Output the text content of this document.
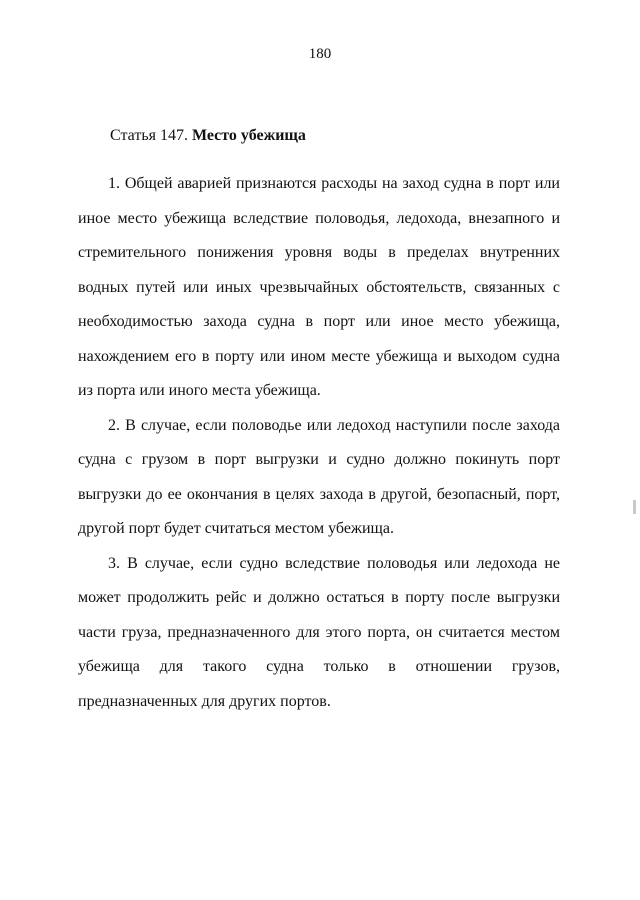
180
Статья 147. Место убежища

1. Общей аварией признаются расходы на заход судна в порт или иное место убежища вследствие половодья, ледохода, внезапного и стремительного понижения уровня воды в пределах внутренних водных путей или иных чрезвычайных обстоятельств, связанных с необходимостью захода судна в порт или иное место убежища, нахождением его в порту или ином месте убежища и выходом судна из порта или иного места убежища.

2. В случае, если половодье или ледоход наступили после захода судна с грузом в порт выгрузки и судно должно покинуть порт выгрузки до ее окончания в целях захода в другой, безопасный, порт, другой порт будет считаться местом убежища.

3. В случае, если судно вследствие половодья или ледохода не может продолжить рейс и должно остаться в порту после выгрузки части груза, предназначенного для этого порта, он считается местом убежища для такого судна только в отношении грузов, предназначенных для других портов.
